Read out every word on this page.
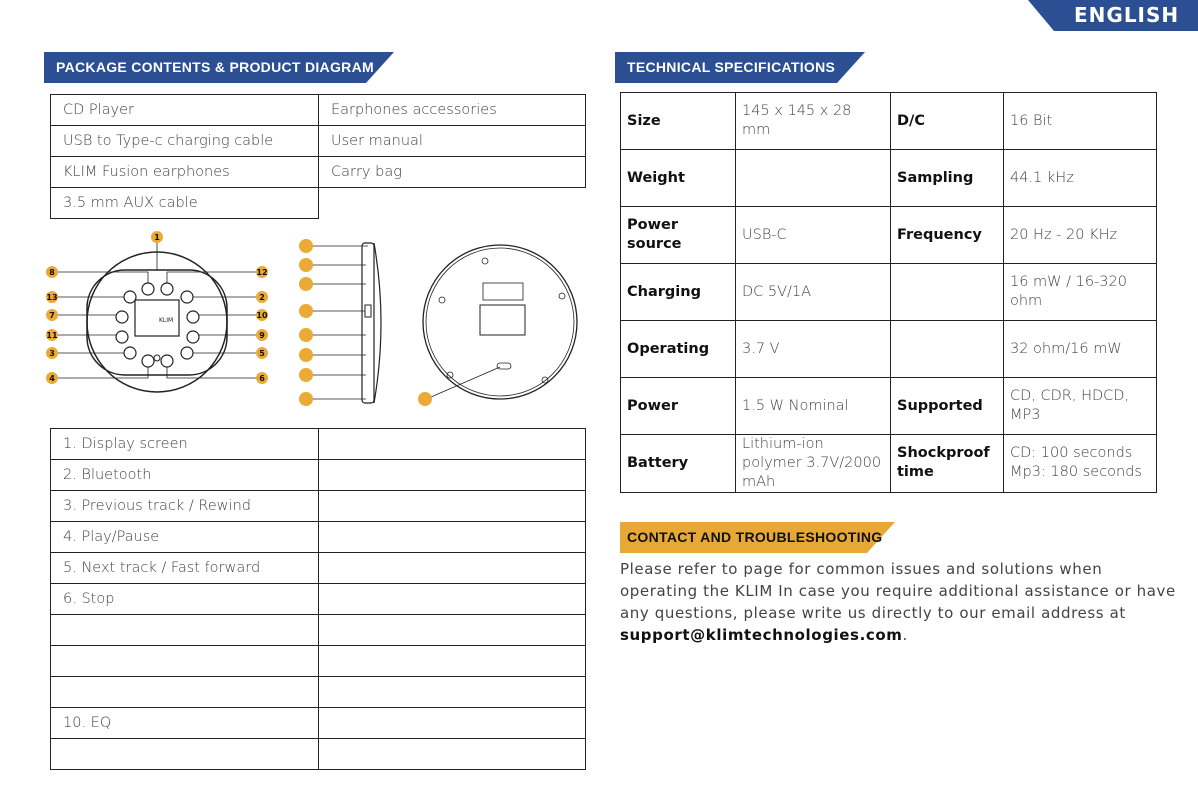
ENGLISH
PACKAGE CONTENTS & PRODUCT DIAGRAM	TECHNICAL SPECIFICATIONS
CD Player	Earphones accessories
USB to Type-c charging cable	User manual
KLIM Fusion earphones	Carry bag
3.5 mm AUX cable	
KLIM
1
8	12
13	2
7	10
11	9
3	5
4	6
1. Display screen	
2. Bluetooth	
3. Previous track / Rewind	
4. Play/Pause	
5. Next track / Fast forward	
6. Stop	

10. EQ	

Size	145 x 145 x 28 mm	D/C	16 Bit
Weight		Sampling	44.1 kHz
Power source	USB-C	Frequency	20 Hz - 20 KHz
Charging	DC 5V/1A		16 mW / 16-320 ohm
Operating	3.7 V		32 ohm/16 mW
Power	1.5 W Nominal	Supported	CD, CDR, HDCD, MP3
Battery	Lithium-ion polymer 3.7V/2000 mAh	Shockproof time	CD: 100 seconds Mp3: 180 seconds
CONTACT AND TROUBLESHOOTING
Please refer to page for common issues and solutions when operating the KLIM In case you require additional assistance or have any questions, please write us directly to our email address at support@klimtechnologies.com.
